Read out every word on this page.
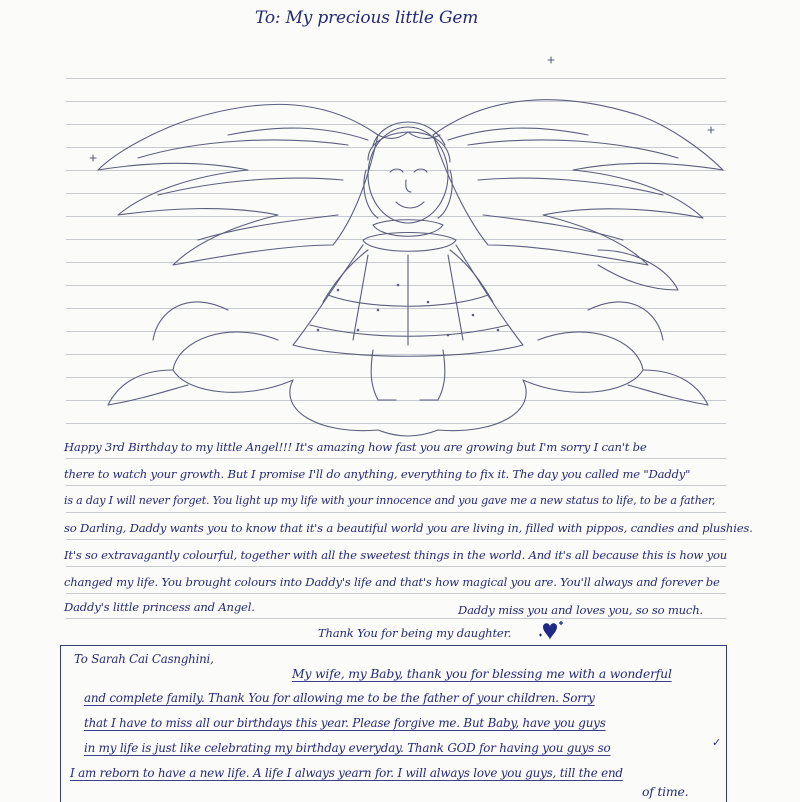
To: My precious little Gem
Happy 3rd Birthday to my little Angel!!! It's amazing how fast you are growing but I'm sorry I can't be
there to watch your growth. But I promise I'll do anything, everything to fix it. The day you called me "Daddy"
is a day I will never forget. You light up my life with your innocence and you gave me a new status to life, to be a father,
so Darling, Daddy wants you to know that it's a beautiful world you are living in, filled with pippos, candies and plushies.
It's so extravagantly colourful, together with all the sweetest things in the world. And it's all because this is how you
changed my life. You brought colours into Daddy's life and that's how magical you are. You'll always and forever be
Daddy's little princess and Angel.	Daddy miss you and loves you, so so much.
Thank You for being my daughter.
To Sarah Cai Casnghini,
My wife, my Baby, thank you for blessing me with a wonderful
and complete family. Thank You for allowing me to be the father of your children. Sorry
that I have to miss all our birthdays this year. Please forgive me. But Baby, have you guys
in my life is just like celebrating my birthday everyday. Thank GOD for having you guys so
I am reborn to have a new life. A life I always yearn for. I will always love you guys, till the end
of time.
✓
